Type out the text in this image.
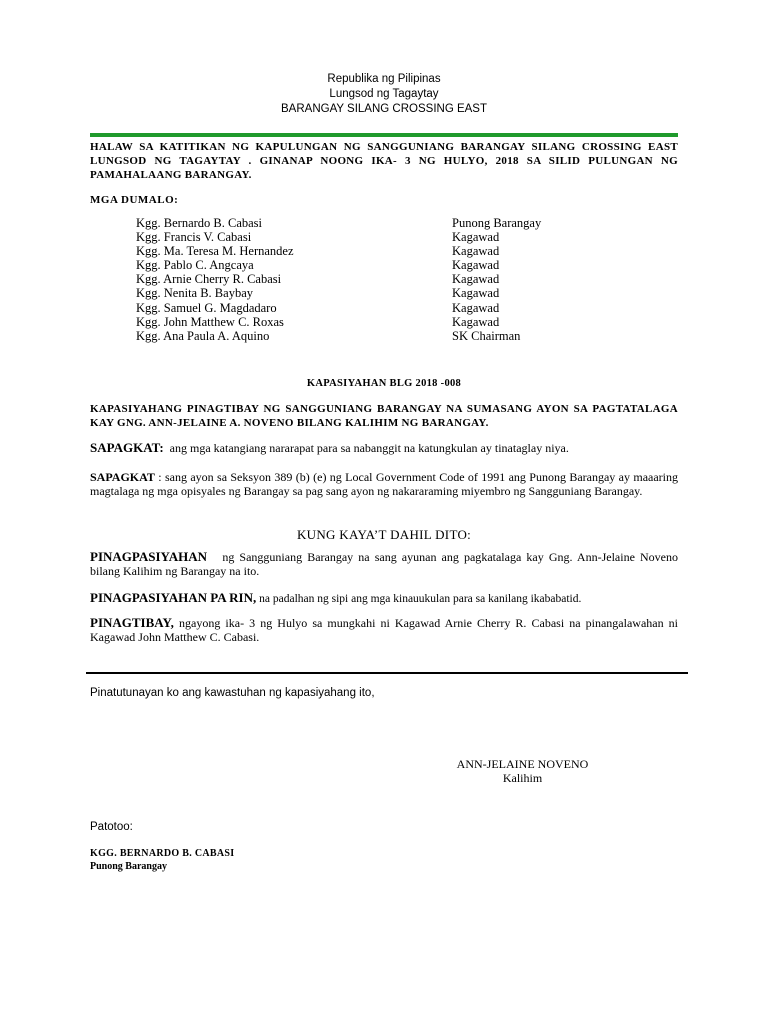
Republika ng Pilipinas
Lungsod ng Tagaytay
BARANGAY SILANG CROSSING EAST
HALAW SA KATITIKAN NG KAPULUNGAN NG SANGGUNIANG BARANGAY SILANG CROSSING EAST LUNGSOD NG TAGAYTAY . GINANAP NOONG IKA- 3 NG HULYO, 2018 SA SILID PULUNGAN NG PAMAHALAANG BARANGAY.
MGA DUMALO:
Kgg. Bernardo B. Cabasi	Punong Barangay
Kgg. Francis V. Cabasi	Kagawad
Kgg. Ma. Teresa M. Hernandez	Kagawad
Kgg. Pablo C. Angcaya	Kagawad
Kgg. Arnie Cherry R. Cabasi	Kagawad
Kgg. Nenita B. Baybay	Kagawad
Kgg. Samuel G. Magdadaro	Kagawad
Kgg. John Matthew C. Roxas	Kagawad
Kgg. Ana Paula A. Aquino	SK Chairman
KAPASIYAHAN BLG 2018 -008
KAPASIYAHANG PINAGTIBAY NG SANGGUNIANG BARANGAY NA SUMASANG AYON SA PAGTATALAGA KAY GNG. ANN-JELAINE A. NOVENO BILANG KALIHIM NG BARANGAY.
SAPAGKAT: ang mga katangiang nararapat para sa nabanggit na katungkulan ay tinataglay niya.
SAPAGKAT : sang ayon sa Seksyon 389 (b) (e) ng Local Government Code of 1991 ang Punong Barangay ay maaaring magtalaga ng mga opisyales ng Barangay sa pag sang ayon ng nakararaming miyembro ng Sangguniang Barangay.
KUNG KAYA’T DAHIL DITO:
PINAGPASIYAHAN ng Sangguniang Barangay na sang ayunan ang pagkatalaga kay Gng. Ann-Jelaine Noveno bilang Kalihim ng Barangay na ito.
PINAGPASIYAHAN PA RIN, na padalhan ng sipi ang mga kinauukulan para sa kanilang ikababatid.
PINAGTIBAY, ngayong ika- 3 ng Hulyo sa mungkahi ni Kagawad Arnie Cherry R. Cabasi na pinangalawahan ni Kagawad John Matthew C. Cabasi.
Pinatutunayan ko ang kawastuhan ng kapasiyahang ito,
ANN-JELAINE NOVENO
Kalihim
Patotoo:
KGG. BERNARDO B. CABASI
Punong Barangay
